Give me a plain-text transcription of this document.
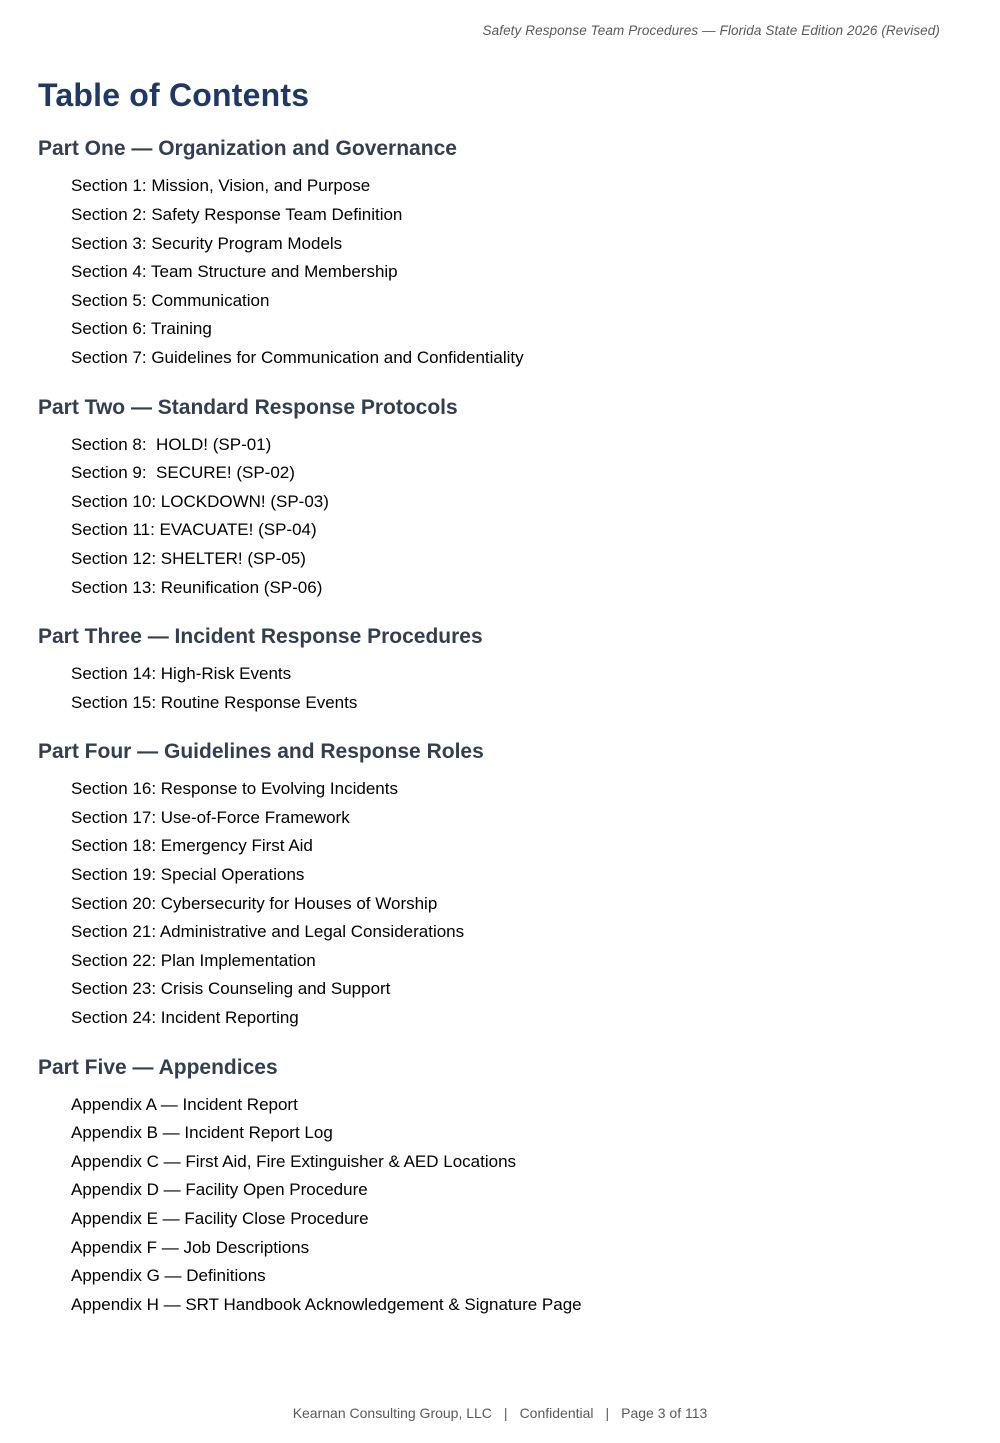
Safety Response Team Procedures — Florida State Edition 2026 (Revised)
Table of Contents
Part One — Organization and Governance
Section 1: Mission, Vision, and Purpose
Section 2: Safety Response Team Definition
Section 3: Security Program Models
Section 4: Team Structure and Membership
Section 5: Communication
Section 6: Training
Section 7: Guidelines for Communication and Confidentiality
Part Two — Standard Response Protocols
Section 8:  HOLD! (SP-01)
Section 9:  SECURE! (SP-02)
Section 10: LOCKDOWN! (SP-03)
Section 11: EVACUATE! (SP-04)
Section 12: SHELTER! (SP-05)
Section 13: Reunification (SP-06)
Part Three — Incident Response Procedures
Section 14: High-Risk Events
Section 15: Routine Response Events
Part Four — Guidelines and Response Roles
Section 16: Response to Evolving Incidents
Section 17: Use-of-Force Framework
Section 18: Emergency First Aid
Section 19: Special Operations
Section 20: Cybersecurity for Houses of Worship
Section 21: Administrative and Legal Considerations
Section 22: Plan Implementation
Section 23: Crisis Counseling and Support
Section 24: Incident Reporting
Part Five — Appendices
Appendix A — Incident Report
Appendix B — Incident Report Log
Appendix C — First Aid, Fire Extinguisher & AED Locations
Appendix D — Facility Open Procedure
Appendix E — Facility Close Procedure
Appendix F — Job Descriptions
Appendix G — Definitions
Appendix H — SRT Handbook Acknowledgement & Signature Page
Kearnan Consulting Group, LLC | Confidential | Page 3 of 113
